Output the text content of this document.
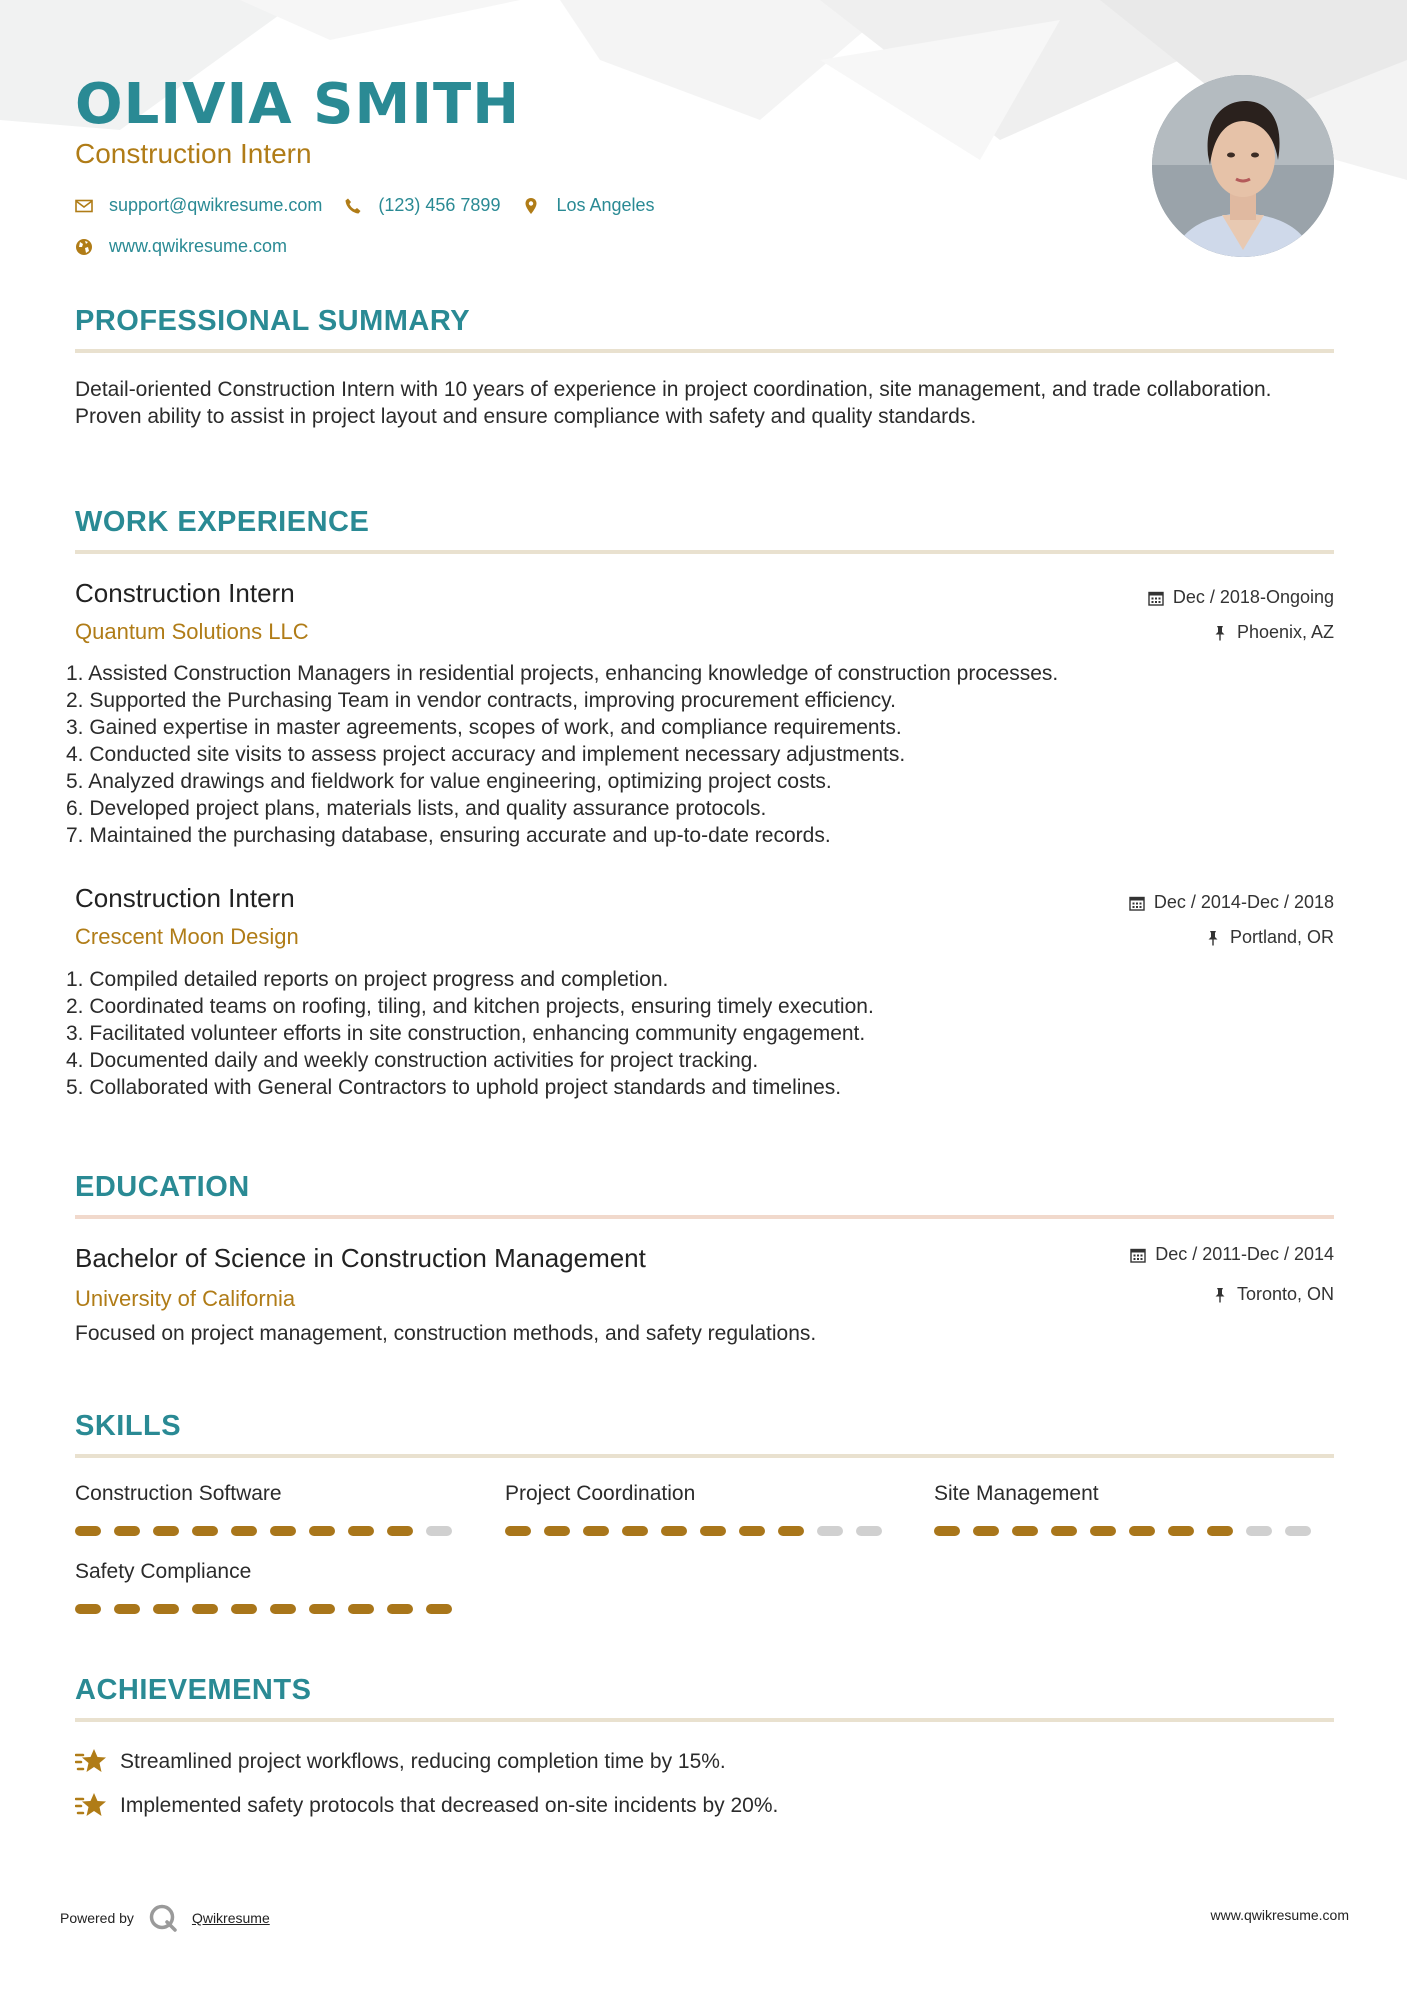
OLIVIA SMITH
Construction Intern
support@qwikresume.com	(123) 456 7899	Los Angeles
www.qwikresume.com
PROFESSIONAL SUMMARY
Detail-oriented Construction Intern with 10 years of experience in project coordination, site management, and trade collaboration. Proven ability to assist in project layout and ensure compliance with safety and quality standards.
WORK EXPERIENCE
Construction Intern
Quantum Solutions LLC
Dec / 2018-Ongoing
Phoenix, AZ
1. Assisted Construction Managers in residential projects, enhancing knowledge of construction processes.
2. Supported the Purchasing Team in vendor contracts, improving procurement efficiency.
3. Gained expertise in master agreements, scopes of work, and compliance requirements.
4. Conducted site visits to assess project accuracy and implement necessary adjustments.
5. Analyzed drawings and fieldwork for value engineering, optimizing project costs.
6. Developed project plans, materials lists, and quality assurance protocols.
7. Maintained the purchasing database, ensuring accurate and up-to-date records.
Construction Intern
Crescent Moon Design
Dec / 2014-Dec / 2018
Portland, OR
1. Compiled detailed reports on project progress and completion.
2. Coordinated teams on roofing, tiling, and kitchen projects, ensuring timely execution.
3. Facilitated volunteer efforts in site construction, enhancing community engagement.
4. Documented daily and weekly construction activities for project tracking.
5. Collaborated with General Contractors to uphold project standards and timelines.
EDUCATION
Bachelor of Science in Construction Management
University of California
Dec / 2011-Dec / 2014
Toronto, ON
Focused on project management, construction methods, and safety regulations.
SKILLS
Construction Software	Project Coordination	Site Management
Safety Compliance
ACHIEVEMENTS
Streamlined project workflows, reducing completion time by 15%.
Implemented safety protocols that decreased on-site incidents by 20%.
Powered by	Qwikresume	www.qwikresume.com
